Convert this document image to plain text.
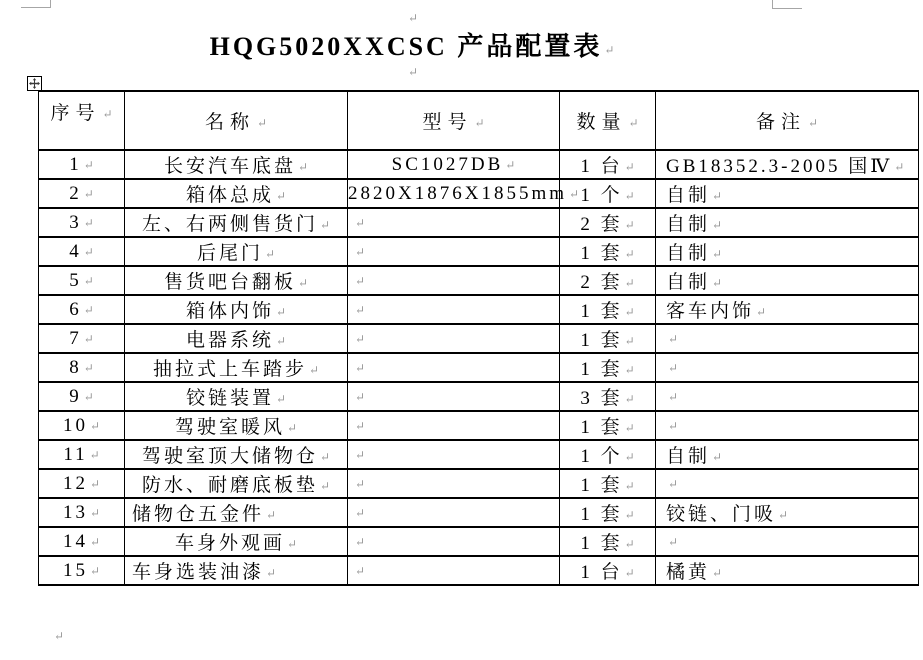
↵
HQG5020XXCSC 产品配置表 ↵
↵
序号 ↵	名称 ↵	型号 ↵	数量 ↵	备注 ↵
1 ↵	长安汽车底盘 ↵	SC1027DB ↵	1 台 ↵	GB18352.3-2005 国Ⅳ ↵
2 ↵	箱体总成 ↵	2820X1876X1855mm ↵	1 个 ↵	自制 ↵
3 ↵	左、右两侧售货门 ↵	↵	2 套 ↵	自制 ↵
4 ↵	后尾门 ↵	↵	1 套 ↵	自制 ↵
5 ↵	售货吧台翻板 ↵	↵	2 套 ↵	自制 ↵
6 ↵	箱体内饰 ↵	↵	1 套 ↵	客车内饰 ↵
7 ↵	电器系统 ↵	↵	1 套 ↵	↵
8 ↵	抽拉式上车踏步 ↵	↵	1 套 ↵	↵
9 ↵	铰链装置 ↵	↵	3 套 ↵	↵
10 ↵	驾驶室暖风 ↵	↵	1 套 ↵	↵
11 ↵	驾驶室顶大储物仓 ↵	↵	1 个 ↵	自制 ↵
12 ↵	防水、耐磨底板垫 ↵	↵	1 套 ↵	↵
13 ↵	储物仓五金件 ↵	↵	1 套 ↵	铰链、门吸 ↵
14 ↵	车身外观画 ↵	↵	1 套 ↵	↵
15 ↵	车身选装油漆 ↵	↵	1 台 ↵	橘黄 ↵
↵
